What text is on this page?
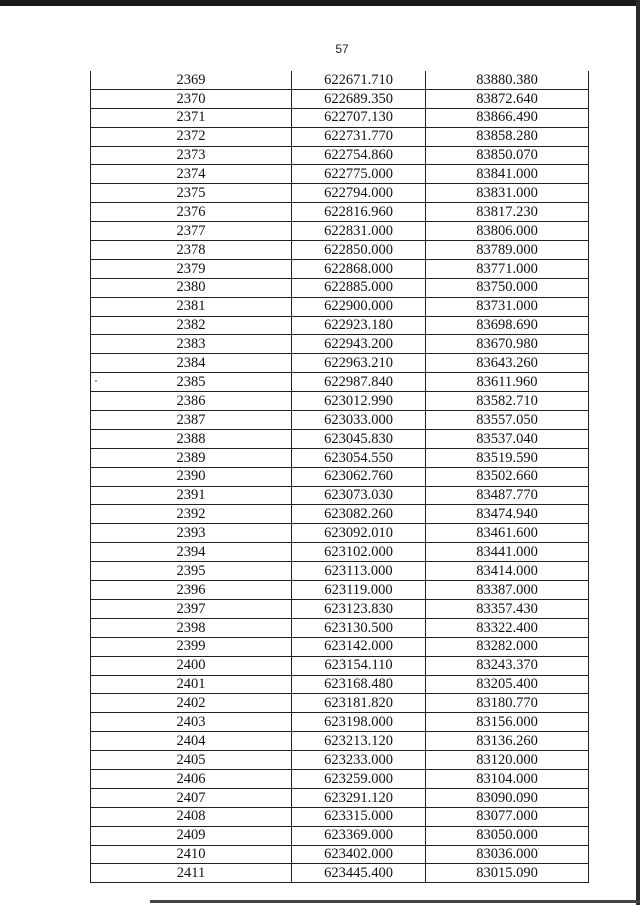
57
2369	622671.710	83880.380
2370	622689.350	83872.640
2371	622707.130	83866.490
2372	622731.770	83858.280
2373	622754.860	83850.070
2374	622775.000	83841.000
2375	622794.000	83831.000
2376	622816.960	83817.230
2377	622831.000	83806.000
2378	622850.000	83789.000
2379	622868.000	83771.000
2380	622885.000	83750.000
2381	622900.000	83731.000
2382	622923.180	83698.690
2383	622943.200	83670.980
2384	622963.210	83643.260
2385	622987.840	83611.960
2386	623012.990	83582.710
2387	623033.000	83557.050
2388	623045.830	83537.040
2389	623054.550	83519.590
2390	623062.760	83502.660
2391	623073.030	83487.770
2392	623082.260	83474.940
2393	623092.010	83461.600
2394	623102.000	83441.000
2395	623113.000	83414.000
2396	623119.000	83387.000
2397	623123.830	83357.430
2398	623130.500	83322.400
2399	623142.000	83282.000
2400	623154.110	83243.370
2401	623168.480	83205.400
2402	623181.820	83180.770
2403	623198.000	83156.000
2404	623213.120	83136.260
2405	623233.000	83120.000
2406	623259.000	83104.000
2407	623291.120	83090.090
2408	623315.000	83077.000
2409	623369.000	83050.000
2410	623402.000	83036.000
2411	623445.400	83015.090
